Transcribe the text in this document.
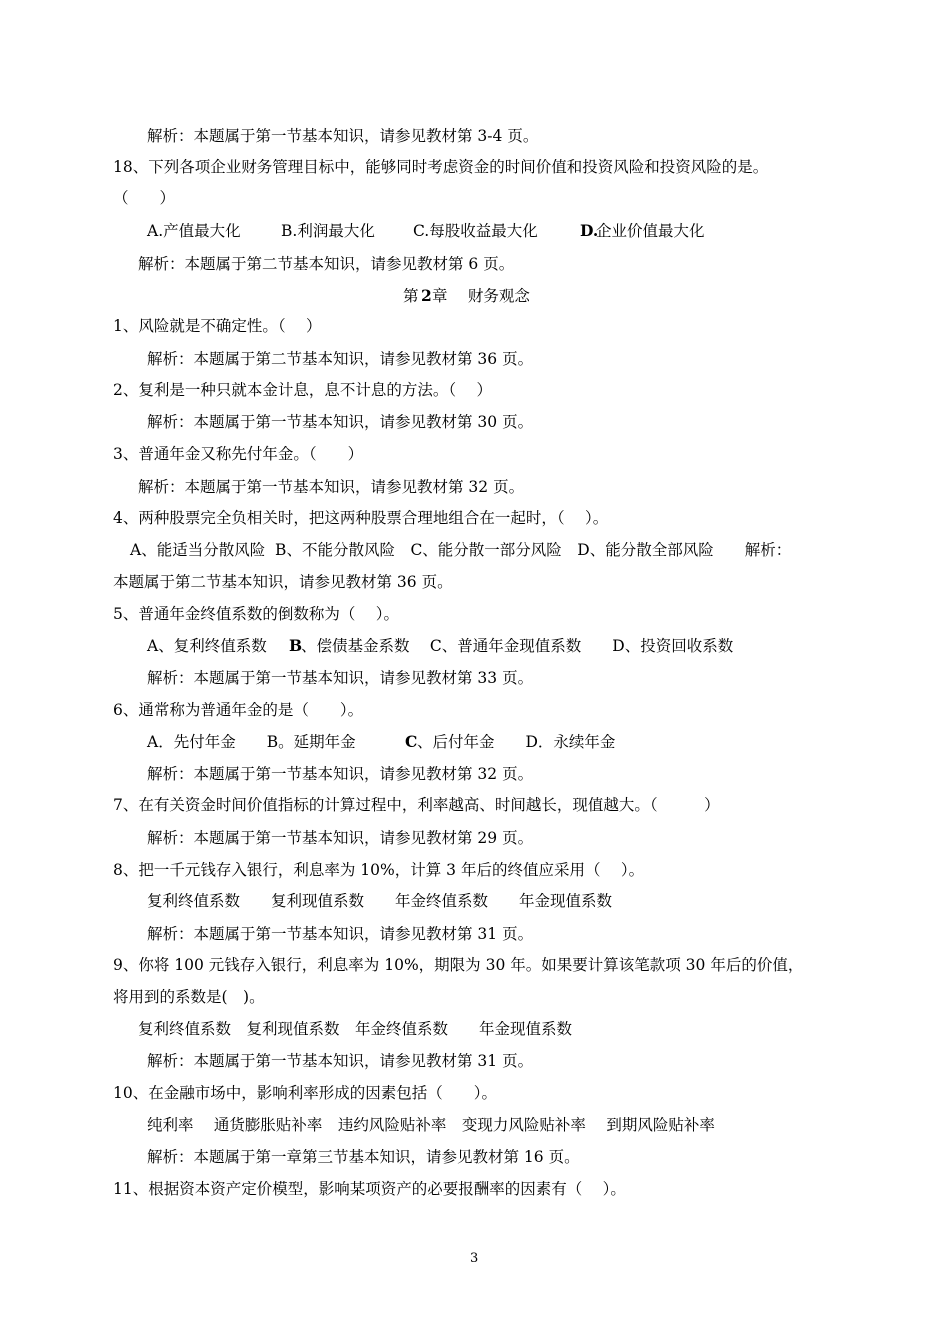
解析：本题属于第一节基本知识，请参见教材第 3-4 页。
18、下列各项企业财务管理目标中，能够同时考虑资金的时间价值和投资风险和投资风险的是。
（　　）
A.产值最大化	B.利润最大化 C.每股收益最大化	D.
企业价值最大化
解析：本题属于第二节基本知识，请参见教材第 6 页。
第 2 章　 财务观念
1、风险就是不确定性。（　 ）
解析：本题属于第二节基本知识，请参见教材第 36 页。
2、复利是一种只就本金计息，息不计息的方法。（　 ）
解析：本题属于第一节基本知识，请参见教材第 30 页。
3、普通年金又称先付年金。（　　）
解析：本题属于第一节基本知识，请参见教材第 32 页。
4、两种股票完全负相关时，把这两种股票合理地组合在一起时，（　 ）。
A、能适当分散风险  B、不能分散风险　C、能分散一部分风险　D、能分散全部风险　　解析：
本题属于第二节基本知识，请参见教材第 36 页。
5、普通年金终值系数的倒数称为（　 ）。
A、复利终值系数 B
、偿债基金系数　 C、普通年金现值系数　　D、投资回收系数
解析：本题属于第一节基本知识，请参见教材第 33 页。
6、通常称为普通年金的是（　　）。
A．先付年金　　B。延期年金　　 C 、后付年金　　D．永续年金
解析：本题属于第一节基本知识，请参见教材第 32 页。
7、在有关资金时间价值指标的计算过程中，利率越高、时间越长，现值越大。（　　　）
解析：本题属于第一节基本知识，请参见教材第 29 页。
8、把一千元钱存入银行，利息率为 10%，计算 3 年后的终值应采用（　 ）。
复利终值系数　　复利现值系数　　年金终值系数　　年金现值系数
解析：本题属于第一节基本知识，请参见教材第 31 页。
9、你将 100 元钱存入银行，利息率为 10%，期限为 30 年。如果要计算该笔款项 30 年后的价值，
将用到的系数是(　)。
复利终值系数　复利现值系数　年金终值系数　　年金现值系数
解析：本题属于第一节基本知识，请参见教材第 31 页。
10、在金融市场中，影响利率形成的因素包括（　　）。
纯利率　 通货膨胀贴补率　违约风险贴补率　变现力风险贴补率　 到期风险贴补率
解析：本题属于第一章第三节基本知识，请参见教材第 16 页。
11、根据资本资产定价模型，影响某项资产的必要报酬率的因素有（　 ）。
3
